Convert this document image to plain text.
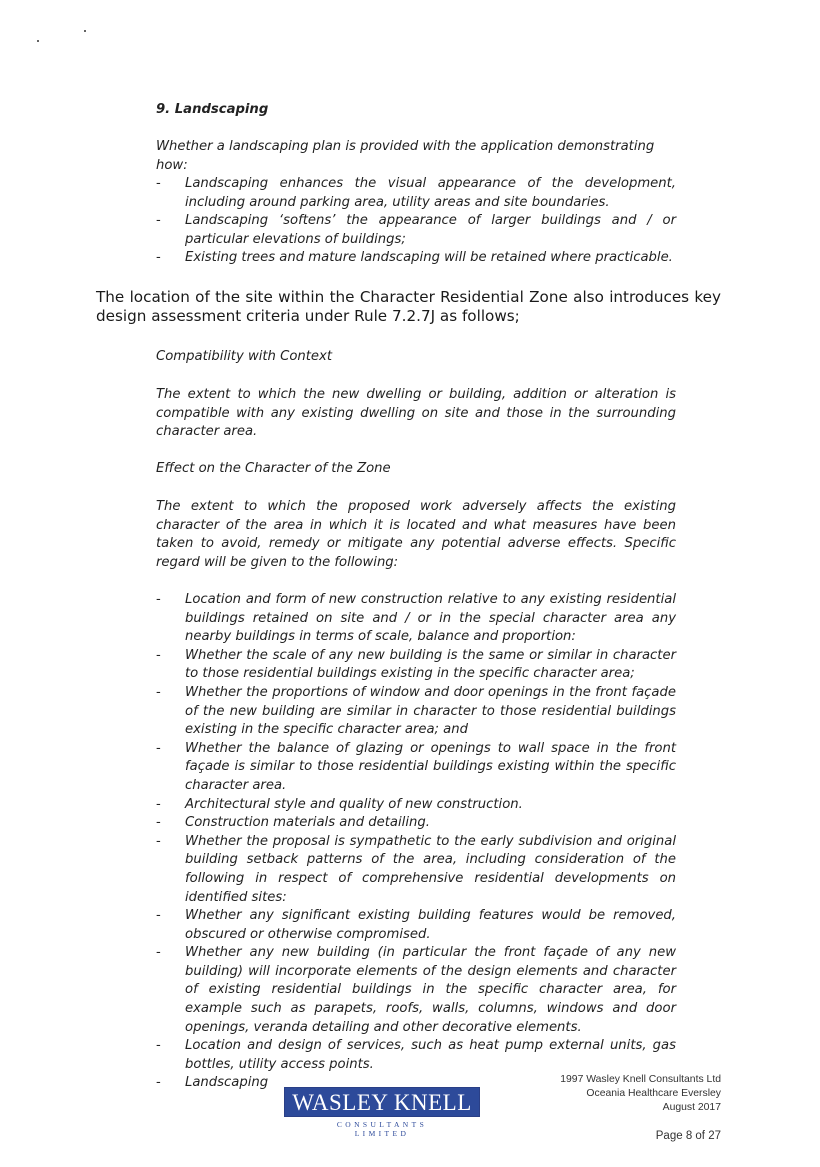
9. Landscaping
Whether a landscaping plan is provided with the application demonstrating how:
- Landscaping enhances the visual appearance of the development, including around parking area, utility areas and site boundaries.
- Landscaping ‘softens’ the appearance of larger buildings and / or particular elevations of buildings;
- Existing trees and mature landscaping will be retained where practicable.
The location of the site within the Character Residential Zone also introduces key design assessment criteria under Rule 7.2.7J as follows;
Compatibility with Context
The extent to which the new dwelling or building, addition or alteration is compatible with any existing dwelling on site and those in the surrounding character area.
Effect on the Character of the Zone
The extent to which the proposed work adversely affects the existing character of the area in which it is located and what measures have been taken to avoid, remedy or mitigate any potential adverse effects. Specific regard will be given to the following:
- Location and form of new construction relative to any existing residential buildings retained on site and / or in the special character area any nearby buildings in terms of scale, balance and proportion:
- Whether the scale of any new building is the same or similar in character to those residential buildings existing in the specific character area;
- Whether the proportions of window and door openings in the front façade of the new building are similar in character to those residential buildings existing in the specific character area; and
- Whether the balance of glazing or openings to wall space in the front façade is similar to those residential buildings existing within the specific character area.
- Architectural style and quality of new construction.
- Construction materials and detailing.
- Whether the proposal is sympathetic to the early subdivision and original building setback patterns of the area, including consideration of the following in respect of comprehensive residential developments on identified sites:
- Whether any significant existing building features would be removed, obscured or otherwise compromised.
- Whether any new building (in particular the front façade of any new building) will incorporate elements of the design elements and character of existing residential buildings in the specific character area, for example such as parapets, roofs, walls, columns, windows and door openings, veranda detailing and other decorative elements.
- Location and design of services, such as heat pump external units, gas bottles, utility access points.
- Landscaping
WASLEY KNELL
CONSULTANTS
LIMITED
1997 Wasley Knell Consultants Ltd
Oceania Healthcare Eversley
August 2017
Page 8 of 27
